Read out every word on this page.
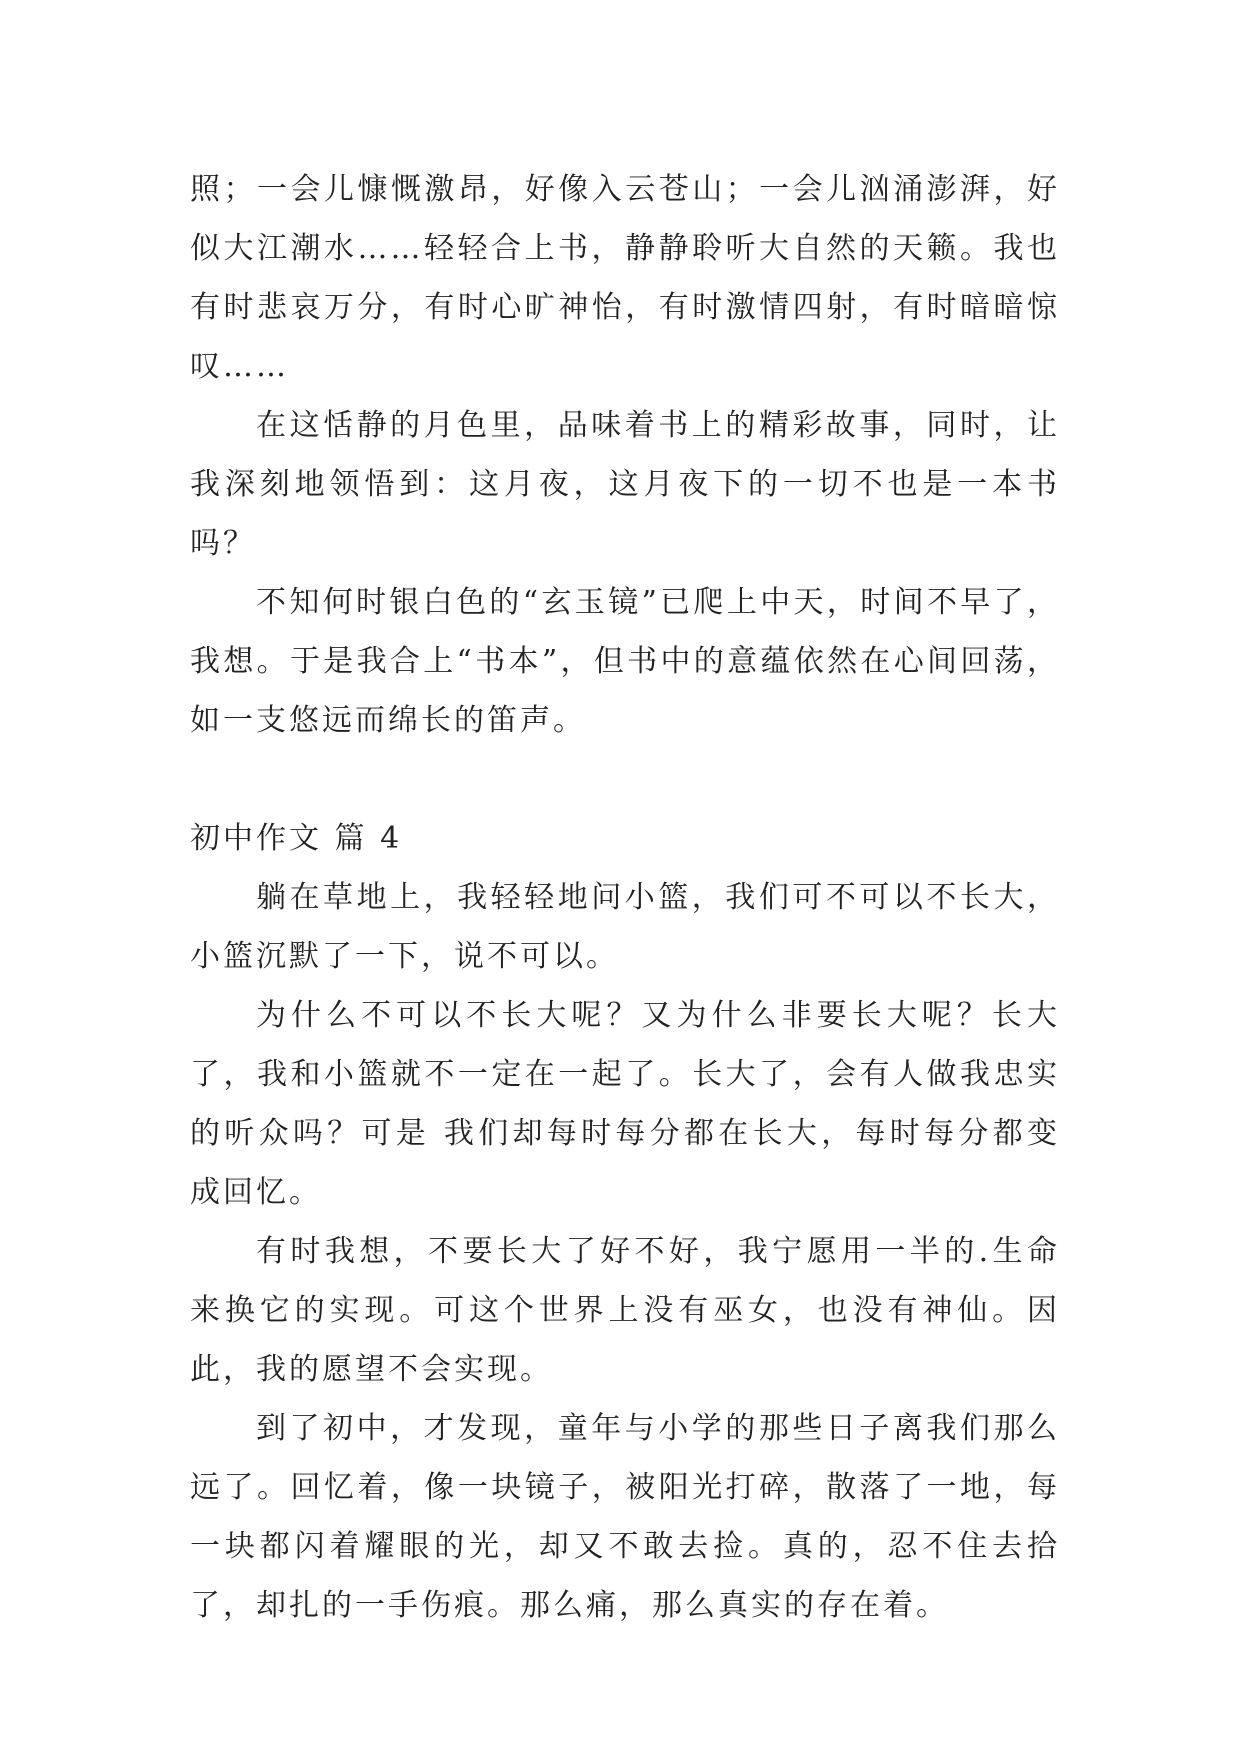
照；一会儿慷慨激昂，好像入云苍山；一会儿汹涌澎湃，好似大江潮水……轻轻合上书，静静聆听大自然的天籁。我也有时悲哀万分，有时心旷神怡，有时激情四射，有时暗暗惊叹……

在这恬静的月色里，品味着书上的精彩故事，同时，让我深刻地领悟到：这月夜，这月夜下的一切不也是一本书吗？

不知何时银白色的“玄玉镜”已爬上中天，时间不早了，我想。于是我合上“书本”，但书中的意蕴依然在心间回荡，如一支悠远而绵长的笛声。

初中作文 篇 4

躺在草地上，我轻轻地问小篮，我们可不可以不长大，小篮沉默了一下，说不可以。

为什么不可以不长大呢？又为什么非要长大呢？长大了，我和小篮就不一定在一起了。长大了，会有人做我忠实的听众吗？可是 我们却每时每分都在长大，每时每分都变成回忆。

有时我想，不要长大了好不好，我宁愿用一半的.生命来换它的实现。可这个世界上没有巫女，也没有神仙。因此，我的愿望不会实现。

到了初中，才发现，童年与小学的那些日子离我们那么远了。回忆着，像一块镜子，被阳光打碎，散落了一地，每一块都闪着耀眼的光，却又不敢去捡。真的，忍不住去拾了，却扎的一手伤痕。那么痛，那么真实的存在着。
